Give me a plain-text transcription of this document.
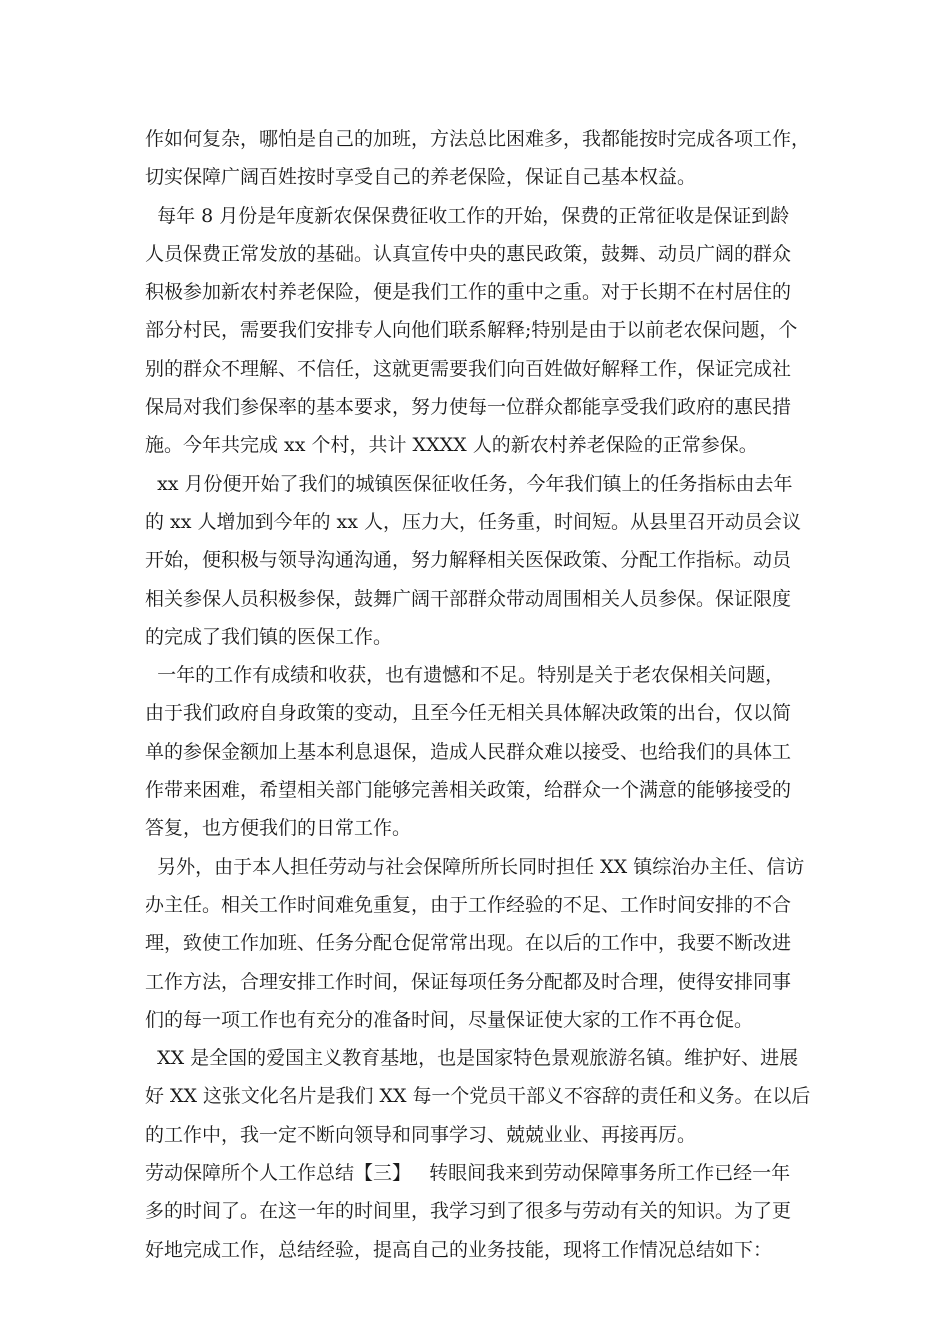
作如何复杂，哪怕是自己的加班，方法总比困难多，我都能按时完成各项工作，
切实保障广阔百姓按时享受自己的养老保险，保证自己基本权益。
每年 8 月份是年度新农保保费征收工作的开始，保费的正常征收是保证到龄
人员保费正常发放的基础。认真宣传中央的惠民政策，鼓舞、动员广阔的群众
积极参加新农村养老保险，便是我们工作的重中之重。对于长期不在村居住的
部分村民，需要我们安排专人向他们联系解释;特别是由于以前老农保问题，个
别的群众不理解、不信任，这就更需要我们向百姓做好解释工作，保证完成社
保局对我们参保率的基本要求，努力使每一位群众都能享受我们政府的惠民措
施。今年共完成 xx 个村，共计 XXXX 人的新农村养老保险的正常参保。
xx 月份便开始了我们的城镇医保征收任务，今年我们镇上的任务指标由去年
的 xx 人增加到今年的 xx 人，压力大，任务重，时间短。从县里召开动员会议
开始，便积极与领导沟通沟通，努力解释相关医保政策、分配工作指标。动员
相关参保人员积极参保，鼓舞广阔干部群众带动周围相关人员参保。保证限度
的完成了我们镇的医保工作。
一年的工作有成绩和收获，也有遗憾和不足。特别是关于老农保相关问题，
由于我们政府自身政策的变动，且至今任无相关具体解决政策的出台，仅以简
单的参保金额加上基本利息退保，造成人民群众难以接受、也给我们的具体工
作带来困难，希望相关部门能够完善相关政策，给群众一个满意的能够接受的
答复，也方便我们的日常工作。
另外，由于本人担任劳动与社会保障所所长同时担任 XX 镇综治办主任、信访
办主任。相关工作时间难免重复，由于工作经验的不足、工作时间安排的不合
理，致使工作加班、任务分配仓促常常出现。在以后的工作中，我要不断改进
工作方法，合理安排工作时间，保证每项任务分配都及时合理，使得安排同事
们的每一项工作也有充分的准备时间，尽量保证使大家的工作不再仓促。
XX 是全国的爱国主义教育基地，也是国家特色景观旅游名镇。维护好、进展
好 XX 这张文化名片是我们 XX 每一个党员干部义不容辞的责任和义务。在以后
的工作中，我一定不断向领导和同事学习、兢兢业业、再接再厉。
劳动保障所个人工作总结【三】   转眼间我来到劳动保障事务所工作已经一年
多的时间了。在这一年的时间里，我学习到了很多与劳动有关的知识。为了更
好地完成工作，总结经验，提高自己的业务技能，现将工作情况总结如下：
